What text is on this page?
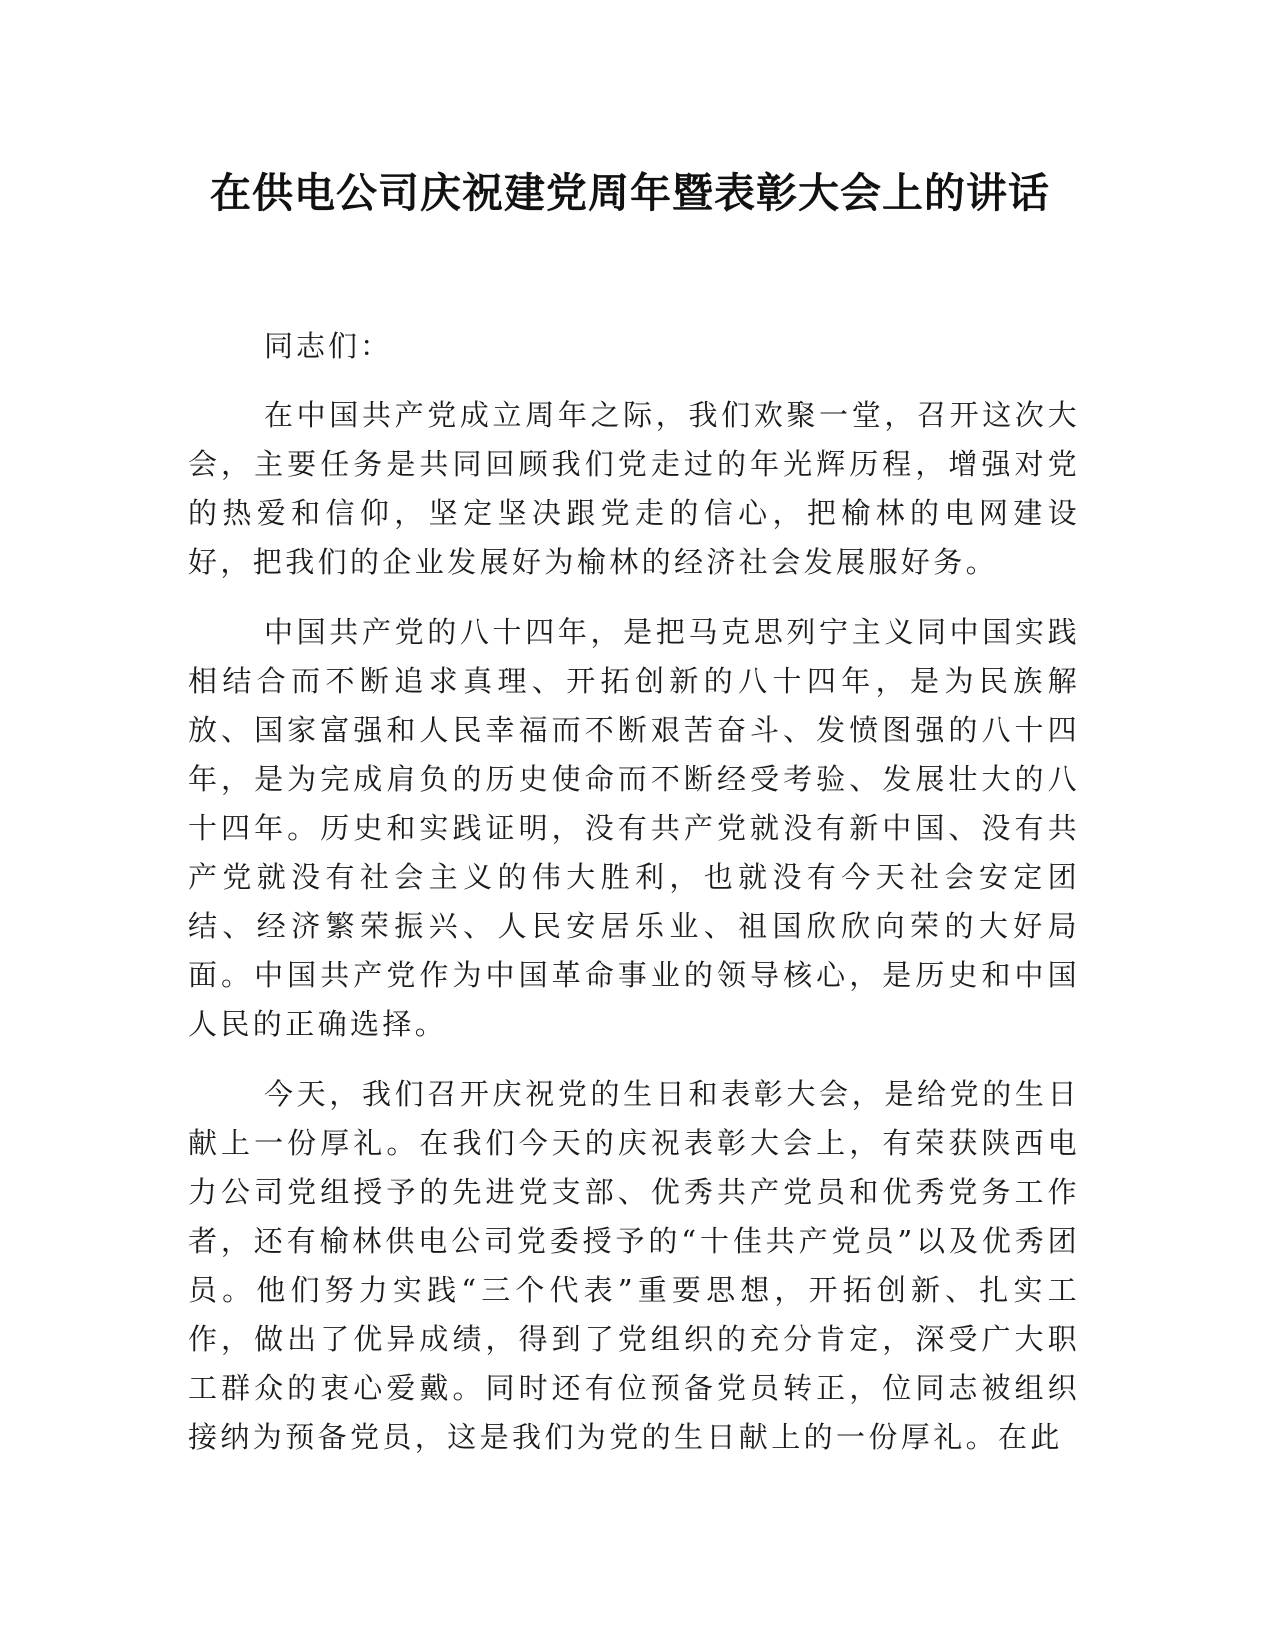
在供电公司庆祝建党周年暨表彰大会上的讲话

同志们：

在中国共产党成立周年之际，我们欢聚一堂，召开这次大会，主要任务是共同回顾我们党走过的年光辉历程，增强对党的热爱和信仰，坚定坚决跟党走的信心，把榆林的电网建设好，把我们的企业发展好为榆林的经济社会发展服好务。

中国共产党的八十四年，是把马克思列宁主义同中国实践相结合而不断追求真理、开拓创新的八十四年，是为民族解放、国家富强和人民幸福而不断艰苦奋斗、发愤图强的八十四年，是为完成肩负的历史使命而不断经受考验、发展壮大的八十四年。历史和实践证明，没有共产党就没有新中国、没有共产党就没有社会主义的伟大胜利，也就没有今天社会安定团结、经济繁荣振兴、人民安居乐业、祖国欣欣向荣的大好局面。中国共产党作为中国革命事业的领导核心，是历史和中国人民的正确选择。

今天，我们召开庆祝党的生日和表彰大会，是给党的生日献上一份厚礼。在我们今天的庆祝表彰大会上，有荣获陕西电力公司党组授予的先进党支部、优秀共产党员和优秀党务工作者，还有榆林供电公司党委授予的“十佳共产党员”以及优秀团员。他们努力实践“三个代表”重要思想，开拓创新、扎实工作，做出了优异成绩，得到了党组织的充分肯定，深受广大职工群众的衷心爱戴。同时还有位预备党员转正，位同志被组织接纳为预备党员，这是我们为党的生日献上的一份厚礼。在此
